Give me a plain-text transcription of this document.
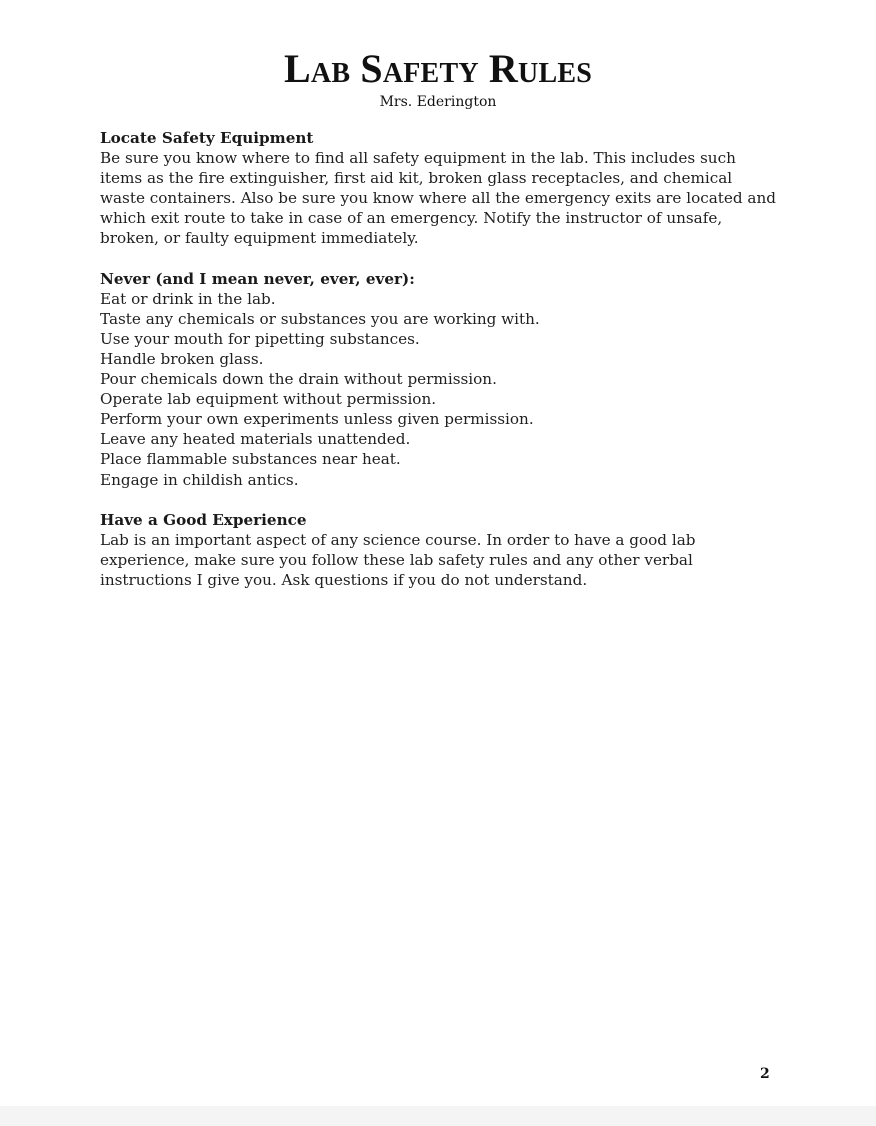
Lab Safety Rules
Mrs. Ederington

Locate Safety Equipment

Be sure you know where to find all safety equipment in the lab. This includes such items as the fire extinguisher, first aid kit, broken glass receptacles, and chemical waste containers. Also be sure you know where all the emergency exits are located and which exit route to take in case of an emergency. Notify the instructor of unsafe, broken, or faulty equipment immediately.

Never (and I mean never, ever, ever):

Eat or drink in the lab.
Taste any chemicals or substances you are working with.
Use your mouth for pipetting substances.
Handle broken glass.
Pour chemicals down the drain without permission.
Operate lab equipment without permission.
Perform your own experiments unless given permission.
Leave any heated materials unattended.
Place flammable substances near heat.
Engage in childish antics.

Have a Good Experience

Lab is an important aspect of any science course. In order to have a good lab experience, make sure you follow these lab safety rules and any other verbal instructions I give you. Ask questions if you do not understand.

2
